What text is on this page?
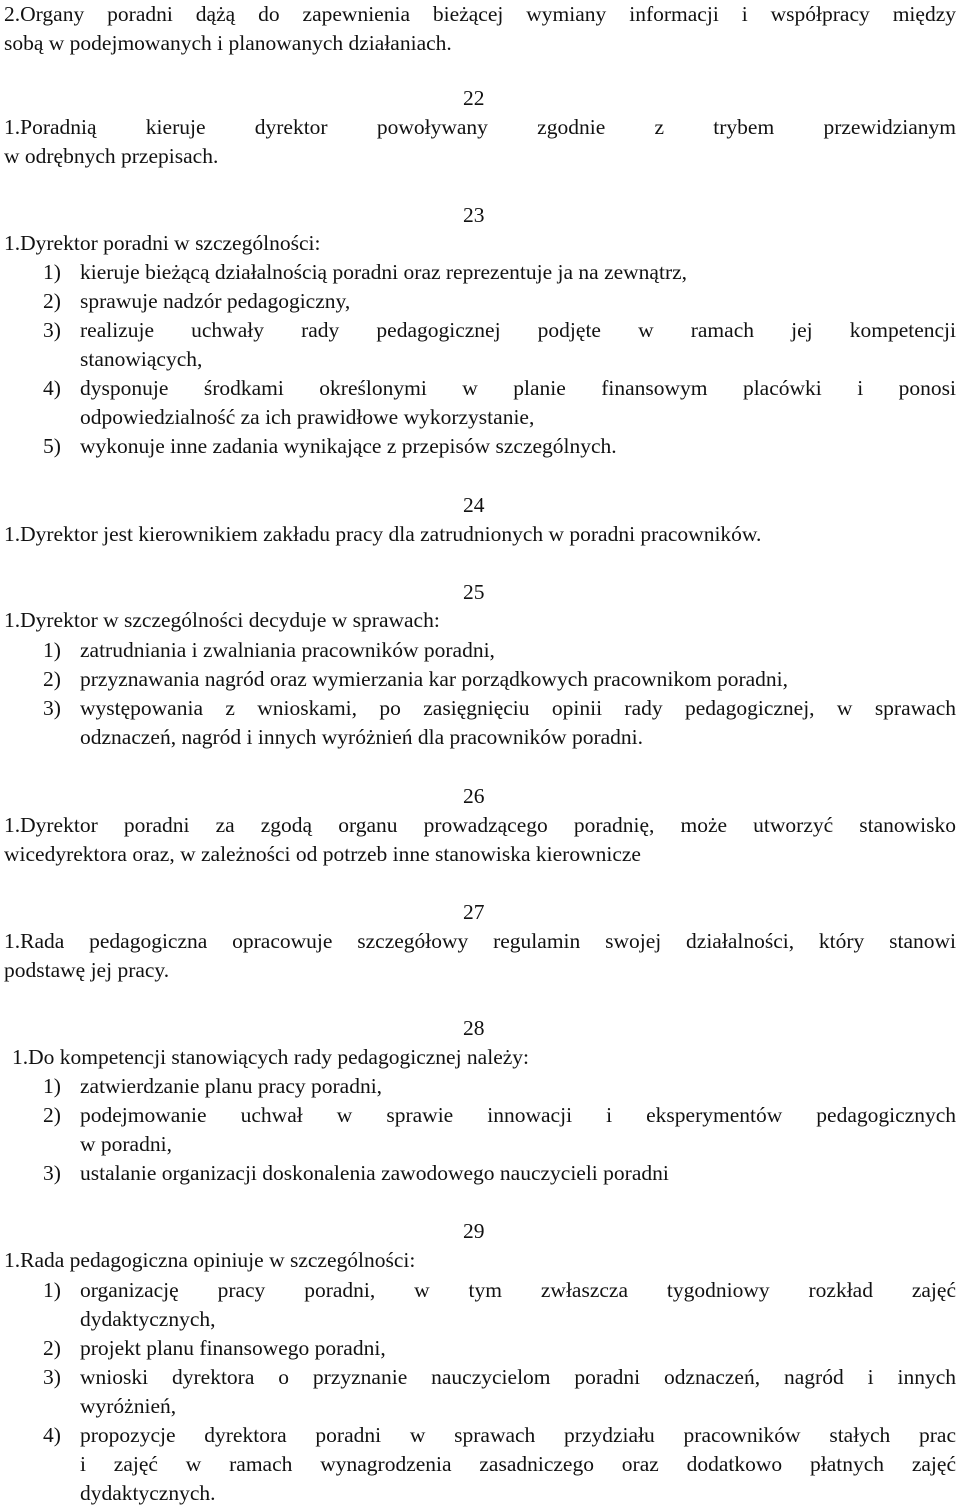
2.Organy poradni dążą do zapewnienia bieżącej wymiany informacji i współpracy między
sobą w podejmowanych i planowanych działaniach.
22
1.Poradnią kieruje dyrektor powoływany zgodnie z trybem przewidzianym
w odrębnych przepisach.
23
1.Dyrektor poradni w szczególności:
1) kieruje bieżącą działalnością poradni oraz reprezentuje ja na zewnątrz,
2) sprawuje nadzór pedagogiczny,
3) realizuje uchwały rady pedagogicznej podjęte w ramach jej kompetencji
stanowiących,
4) dysponuje środkami określonymi w planie finansowym placówki i ponosi
odpowiedzialność za ich prawidłowe wykorzystanie,
5) wykonuje inne zadania wynikające z przepisów szczególnych.
24
1.Dyrektor jest kierownikiem zakładu pracy dla zatrudnionych w poradni pracowników.
25
1.Dyrektor w szczególności decyduje w sprawach:
1) zatrudniania i zwalniania pracowników poradni,
2) przyznawania nagród oraz wymierzania kar porządkowych pracownikom poradni,
3) występowania z wnioskami, po zasięgnięciu opinii rady pedagogicznej, w sprawach
odznaczeń, nagród i innych wyróżnień dla pracowników poradni.
26
1.Dyrektor poradni za zgodą organu prowadzącego poradnię, może utworzyć stanowisko
wicedyrektora oraz, w zależności od potrzeb inne stanowiska kierownicze
27
1.Rada pedagogiczna opracowuje szczegółowy regulamin swojej działalności, który stanowi
podstawę jej pracy.
28
1.Do kompetencji stanowiących rady pedagogicznej należy:
1) zatwierdzanie planu pracy poradni,
2) podejmowanie uchwał w sprawie innowacji i eksperymentów pedagogicznych
w poradni,
3) ustalanie organizacji doskonalenia zawodowego nauczycieli poradni
29
1.Rada pedagogiczna opiniuje w szczególności:
1) organizację pracy poradni, w tym zwłaszcza tygodniowy rozkład zajęć
dydaktycznych,
2) projekt planu finansowego poradni,
3) wnioski dyrektora o przyznanie nauczycielom poradni odznaczeń, nagród i innych
wyróżnień,
4) propozycje dyrektora poradni w sprawach przydziału pracowników stałych prac
i zajęć w ramach wynagrodzenia zasadniczego oraz dodatkowo płatnych zajęć
dydaktycznych.
